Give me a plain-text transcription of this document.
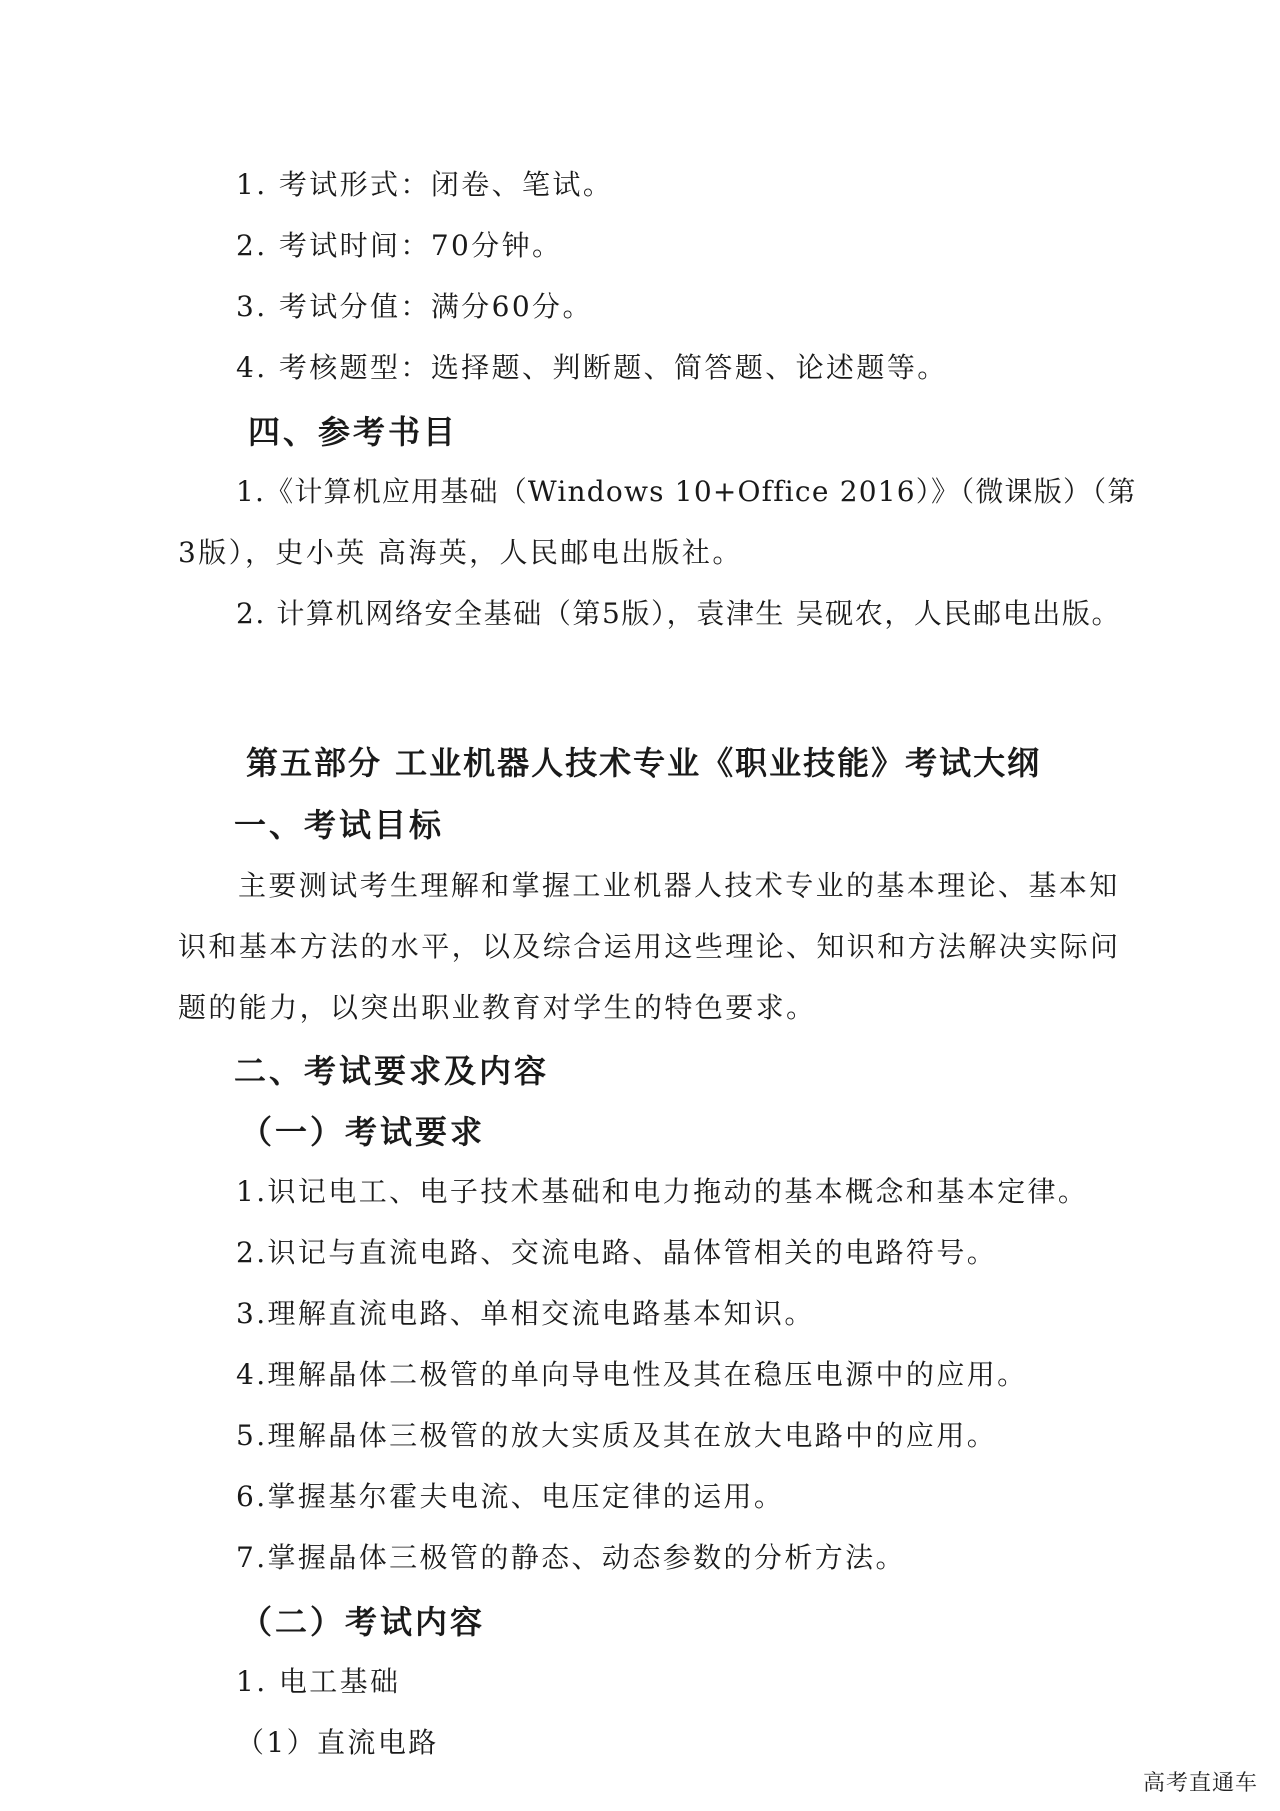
1. 考试形式：闭卷、笔试。
2. 考试时间：70分钟。
3. 考试分值：满分60分。
4. 考核题型：选择题、判断题、简答题、论述题等。
四、参考书目
1.《计算机应用基础（Windows 10+Office 2016）》（微课版）（第
3版），史小英 高海英，人民邮电出版社。
2. 计算机网络安全基础（第5版），袁津生 吴砚农，人民邮电出版。
第五部分 工业机器人技术专业《职业技能》考试大纲
一、考试目标
主要测试考生理解和掌握工业机器人技术专业的基本理论、基本知
识和基本方法的水平，以及综合运用这些理论、知识和方法解决实际问
题的能力，以突出职业教育对学生的特色要求。
二、考试要求及内容
（一）考试要求
1.识记电工、电子技术基础和电力拖动的基本概念和基本定律。
2.识记与直流电路、交流电路、晶体管相关的电路符号。
3.理解直流电路、单相交流电路基本知识。
4.理解晶体二极管的单向导电性及其在稳压电源中的应用。
5.理解晶体三极管的放大实质及其在放大电路中的应用。
6.掌握基尔霍夫电流、电压定律的运用。
7.掌握晶体三极管的静态、动态参数的分析方法。
（二）考试内容
1. 电工基础
（1）直流电路
高考直通车
